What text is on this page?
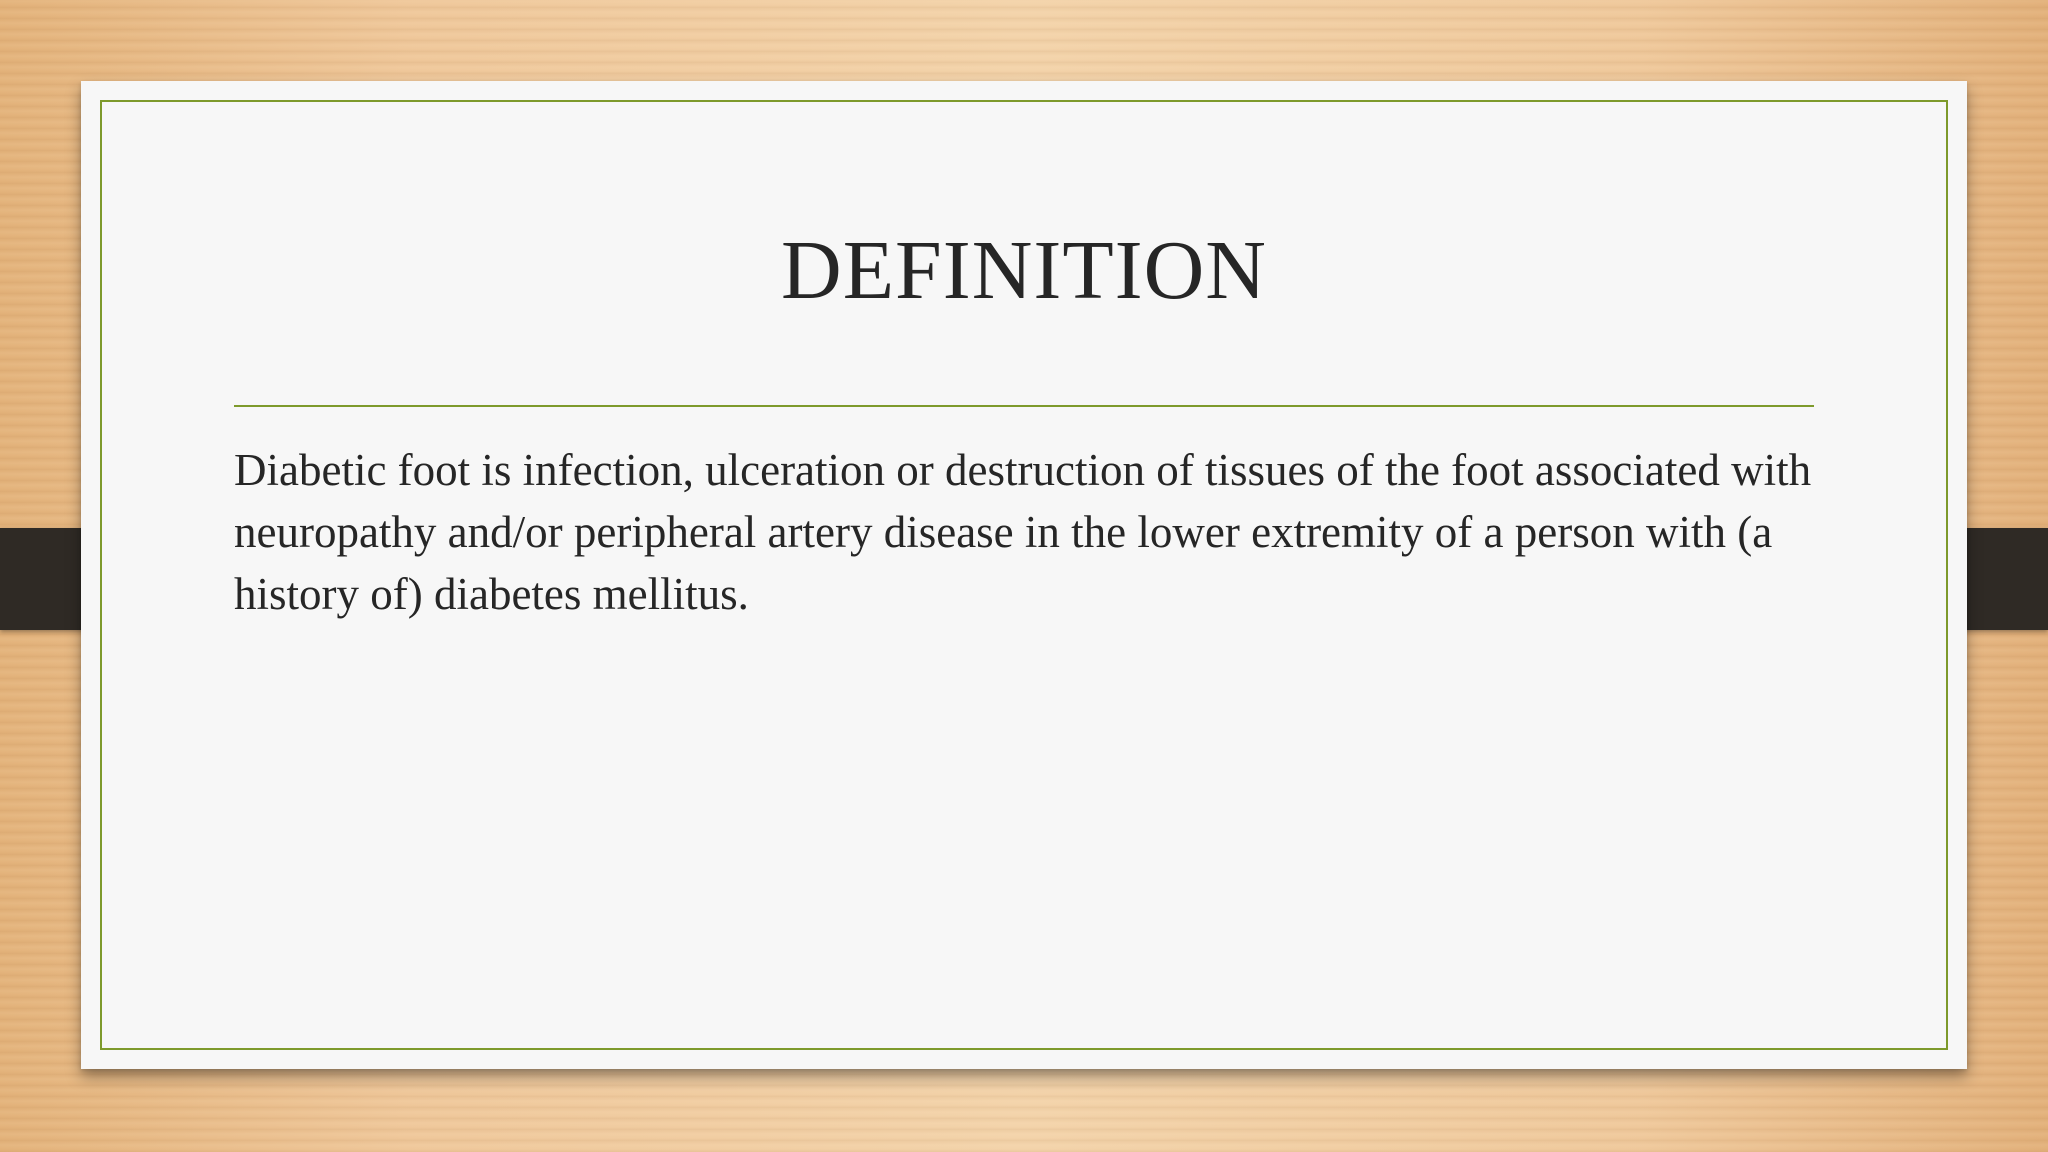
DEFINITION

Diabetic foot is infection, ulceration or destruction of tissues of the foot associated with neuropathy and/or peripheral artery disease in the lower extremity of a person with (a history of) diabetes mellitus.
